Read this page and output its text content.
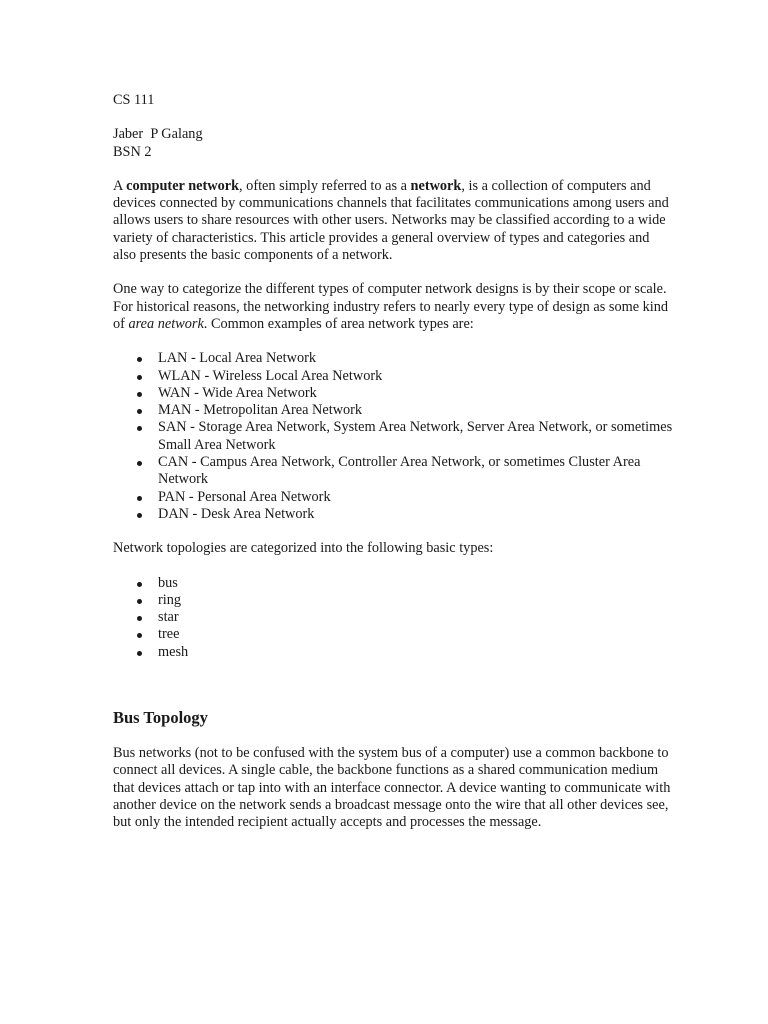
CS 111

Jaber  P Galang

BSN 2

A computer network, often simply referred to as a network, is a collection of computers and devices connected by communications channels that facilitates communications among users and allows users to share resources with other users. Networks may be classified according to a wide variety of characteristics. This article provides a general overview of types and categories and also presents the basic components of a network.

One way to categorize the different types of computer network designs is by their scope or scale. For historical reasons, the networking industry refers to nearly every type of design as some kind of area network. Common examples of area network types are:

LAN - Local Area Network
WLAN - Wireless Local Area Network
WAN - Wide Area Network
MAN - Metropolitan Area Network
SAN - Storage Area Network, System Area Network, Server Area Network, or sometimes Small Area Network
CAN - Campus Area Network, Controller Area Network, or sometimes Cluster Area Network
PAN - Personal Area Network
DAN - Desk Area Network

Network topologies are categorized into the following basic types:

bus
ring
star
tree
mesh
Bus Topology

Bus networks (not to be confused with the system bus of a computer) use a common backbone to connect all devices. A single cable, the backbone functions as a shared communication medium that devices attach or tap into with an interface connector. A device wanting to communicate with another device on the network sends a broadcast message onto the wire that all other devices see, but only the intended recipient actually accepts and processes the message.
